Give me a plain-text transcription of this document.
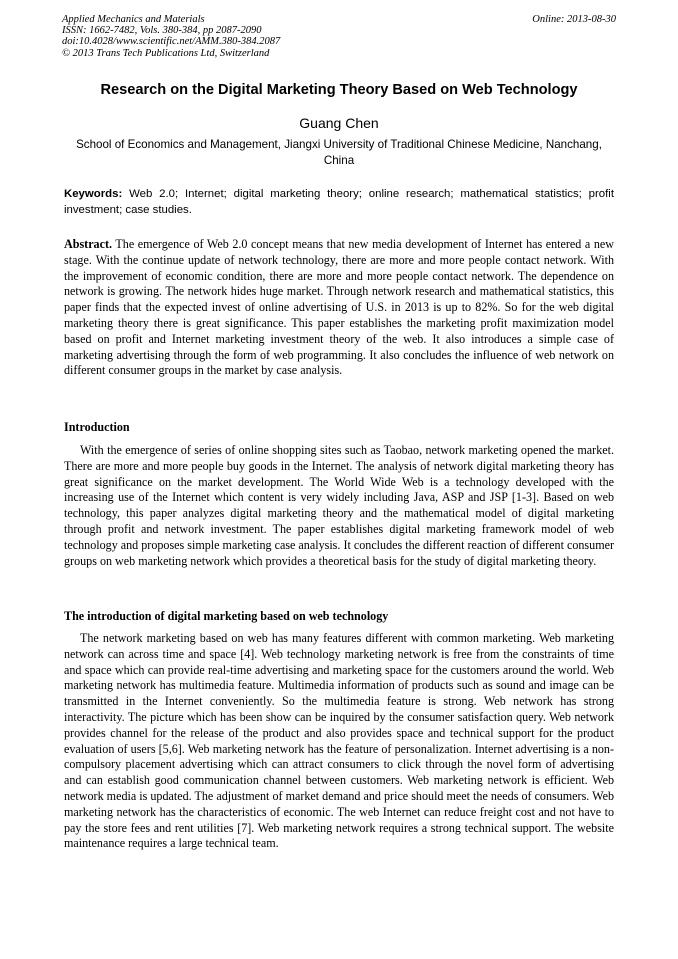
Applied Mechanics and Materials
ISSN: 1662-7482, Vols. 380-384, pp 2087-2090
doi:10.4028/www.scientific.net/AMM.380-384.2087
© 2013 Trans Tech Publications Ltd, Switzerland
Online: 2013-08-30
Research on the Digital Marketing Theory Based on Web Technology
Guang Chen
School of Economics and Management, Jiangxi University of Traditional Chinese Medicine, Nanchang, China
Keywords: Web 2.0; Internet; digital marketing theory; online research; mathematical statistics; profit investment; case studies.

Abstract. The emergence of Web 2.0 concept means that new media development of Internet has entered a new stage. With the continue update of network technology, there are more and more people contact network. With the improvement of economic condition, there are more and more people contact network. The dependence on network is growing. The network hides huge market. Through network research and mathematical statistics, this paper finds that the expected invest of online advertising of U.S. in 2013 is up to 82%. So for the web digital marketing theory there is great significance. This paper establishes the marketing profit maximization model based on profit and Internet marketing investment theory of the web. It also introduces a simple case of marketing advertising through the form of web programming. It also concludes the influence of web network on different consumer groups in the market by case analysis.

Introduction

With the emergence of series of online shopping sites such as Taobao, network marketing opened the market. There are more and more people buy goods in the Internet. The analysis of network digital marketing theory has great significance on the market development. The World Wide Web is a technology developed with the increasing use of the Internet which content is very widely including Java, ASP and JSP [1-3]. Based on web technology, this paper analyzes digital marketing theory and the mathematical model of digital marketing through profit and network investment. The paper establishes digital marketing framework model of web technology and proposes simple marketing case analysis. It concludes the different reaction of different consumer groups on web marketing network which provides a theoretical basis for the study of digital marketing theory.

The introduction of digital marketing based on web technology

The network marketing based on web has many features different with common marketing. Web marketing network can across time and space [4]. Web technology marketing network is free from the constraints of time and space which can provide real-time advertising and marketing space for the customers around the world. Web marketing network has multimedia feature. Multimedia information of products such as sound and image can be transmitted in the Internet conveniently. So the multimedia feature is strong. Web network has strong interactivity. The picture which has been show can be inquired by the consumer satisfaction query. Web network provides channel for the release of the product and also provides space and technical support for the product evaluation of users [5,6]. Web marketing network has the feature of personalization. Internet advertising is a non-compulsory placement advertising which can attract consumers to click through the novel form of advertising and can establish good communication channel between customers. Web marketing network is efficient. Web network media is updated. The adjustment of market demand and price should meet the needs of consumers. Web marketing network has the characteristics of economic. The web Internet can reduce freight cost and not have to pay the store fees and rent utilities [7]. Web marketing network requires a strong technical support. The website maintenance requires a large technical team.
